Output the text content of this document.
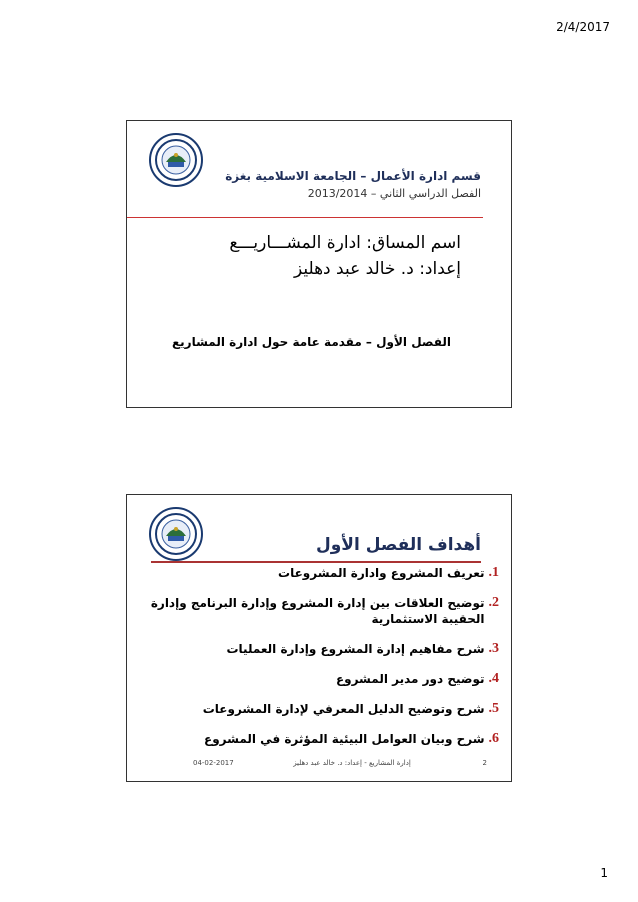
2/4/2017
قسم ادارة الأعمال – الجامعة الاسلامية بغزة
الفصل الدراسي الثاني – 2013/2014
اسم المساق: ادارة المشـــاريـــع
إعداد: د. خالد عبد دهليز
الفصل الأول – مقدمة عامة حول ادارة المشاريع
أهداف الفصل الأول
1.
تعريف المشروع وادارة المشروعات
2.
توضيح العلاقات بين إدارة المشروع وإدارة البرنامج وإدارة الحقيبة الاستثمارية
3.
شرح مفاهيم إدارة المشروع وإدارة العمليات
4.
توضيح دور مدير المشروع
5.
شرح وتوضيح الدليل المعرفي لإدارة المشروعات
6.
شرح وبيان العوامل البيئية المؤثرة في المشروع
04-02-2017	إدارة المشاريع - إعداد: د. خالد عبد دهليز	2
1
